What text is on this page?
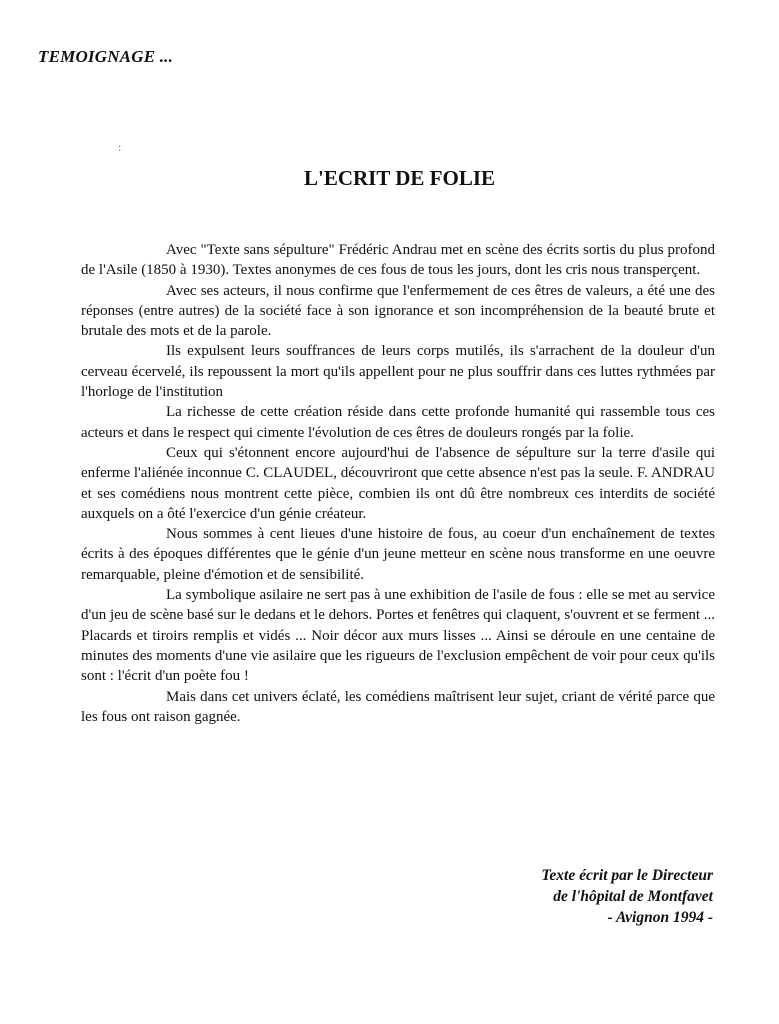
TEMOIGNAGE ...
:
L'ECRIT DE FOLIE

Avec "Texte sans sépulture" Frédéric Andrau met en scène des écrits sortis du plus profond de l'Asile (1850 à 1930). Textes anonymes de ces fous de tous les jours, dont les cris nous transperçent.

Avec ses acteurs, il nous confirme que l'enfermement de ces êtres de valeurs, a été une des réponses (entre autres) de la société face à son ignorance et son incompréhension de la beauté brute et brutale des mots et de la parole.

Ils expulsent leurs souffrances de leurs corps mutilés, ils s'arrachent de la douleur d'un cerveau écervelé, ils repoussent la mort qu'ils appellent pour ne plus souffrir dans ces luttes rythmées par l'horloge de l'institution

La richesse de cette création réside dans cette profonde humanité qui rassemble tous ces acteurs et dans le respect qui cimente l'évolution de ces êtres de douleurs rongés par la folie.

Ceux qui s'étonnent encore aujourd'hui de l'absence de sépulture sur la terre d'asile qui enferme l'aliénée inconnue C. CLAUDEL, découvriront que cette absence n'est pas la seule. F. ANDRAU et ses comédiens nous montrent cette pièce, combien ils ont dû être nombreux ces interdits de société auxquels on a ôté l'exercice d'un génie créateur.

Nous sommes à cent lieues d'une histoire de fous, au coeur d'un enchaînement de textes écrits à des époques différentes que le génie d'un jeune metteur en scène nous transforme en une oeuvre remarquable, pleine d'émotion et de sensibilité.

La symbolique asilaire ne sert pas à une exhibition de l'asile de fous : elle se met au service d'un jeu de scène basé sur le dedans et le dehors. Portes et fenêtres qui claquent, s'ouvrent et se ferment ... Placards et tiroirs remplis et vidés ... Noir décor aux murs lisses ... Ainsi se déroule en une centaine de minutes des moments d'une vie asilaire que les rigueurs de l'exclusion empêchent de voir pour ceux qu'ils sont : l'écrit d'un poète fou !

Mais dans cet univers éclaté, les comédiens maîtrisent leur sujet, criant de vérité parce que les fous ont raison gagnée.

Texte écrit par le Directeur
de l'hôpital de Montfavet
- Avignon 1994 -
